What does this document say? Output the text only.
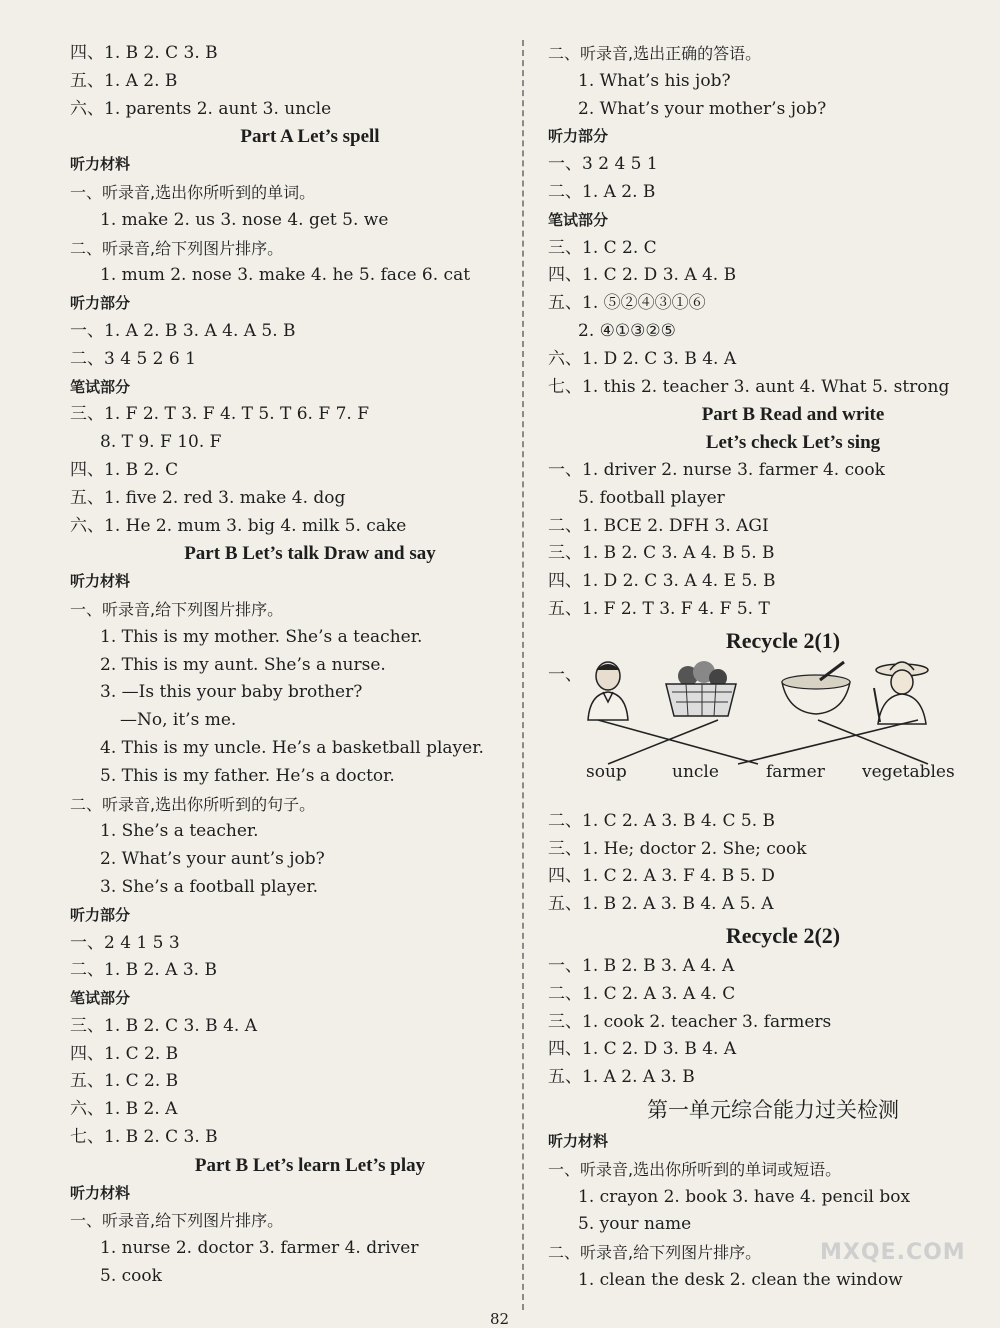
四、1. B 2. C 3. B
五、1. A 2. B
六、1. parents 2. aunt 3. uncle
Part A Let’s spell
听力材料
一、听录音,选出你所听到的单词。
1. make 2. us 3. nose 4. get 5. we
二、听录音,给下列图片排序。
1. mum 2. nose 3. make 4. he 5. face 6. cat
听力部分
一、1. A 2. B 3. A 4. A 5. B
二、3 4 5 2 6 1
笔试部分
三、1. F 2. T 3. F 4. T 5. T 6. F 7. F
8. T 9. F 10. F
四、1. B 2. C
五、1. five 2. red 3. make 4. dog
六、1. He 2. mum 3. big 4. milk 5. cake
Part B Let’s talk Draw and say
听力材料
一、听录音,给下列图片排序。
1. This is my mother. She’s a teacher.
2. This is my aunt. She’s a nurse.
3. —Is this your baby brother?
—No, it’s me.
4. This is my uncle. He’s a basketball player.
5. This is my father. He’s a doctor.
二、听录音,选出你所听到的句子。
1. She’s a teacher.
2. What’s your aunt’s job?
3. She’s a football player.
听力部分
一、2 4 1 5 3
二、1. B 2. A 3. B
笔试部分
三、1. B 2. C 3. B 4. A
四、1. C 2. B
五、1. C 2. B
六、1. B 2. A
七、1. B 2. C 3. B
Part B Let’s learn Let’s play
听力材料
一、听录音,给下列图片排序。
1. nurse 2. doctor 3. farmer 4. driver
5. cook
二、听录音,选出正确的答语。
1. What’s his job?
2. What’s your mother’s job?
听力部分
一、3 2 4 5 1
二、1. A 2. B
笔试部分
三、1. C 2. C
四、1. C 2. D 3. A 4. B
五、1. ⑤②④③①⑥
2. ④①③②⑤
六、1. D 2. C 3. B 4. A
七、1. this 2. teacher 3. aunt 4. What 5. strong
Part B Read and write
Let’s check Let’s sing
一、1. driver 2. nurse 3. farmer 4. cook
5. football player
二、1. BCE 2. DFH 3. AGI
三、1. B 2. C 3. A 4. B 5. B
四、1. D 2. C 3. A 4. E 5. B
五、1. F 2. T 3. F 4. F 5. T
Recycle 2(1)
一、
soup	uncle	farmer vegetables
二、1. C 2. A 3. B 4. C 5. B
三、1. He; doctor 2. She; cook
四、1. C 2. A 3. F 4. B 5. D
五、1. B 2. A 3. B 4. A 5. A
Recycle 2(2)
一、1. B 2. B 3. A 4. A
二、1. C 2. A 3. A 4. C
三、1. cook 2. teacher 3. farmers
四、1. C 2. D 3. B 4. A
五、1. A 2. A 3. B
第一单元综合能力过关检测
听力材料
一、听录音,选出你所听到的单词或短语。
1. crayon 2. book 3. have 4. pencil box
5. your name
二、听录音,给下列图片排序。
1. clean the desk 2. clean the window
82
MXQE.COM
